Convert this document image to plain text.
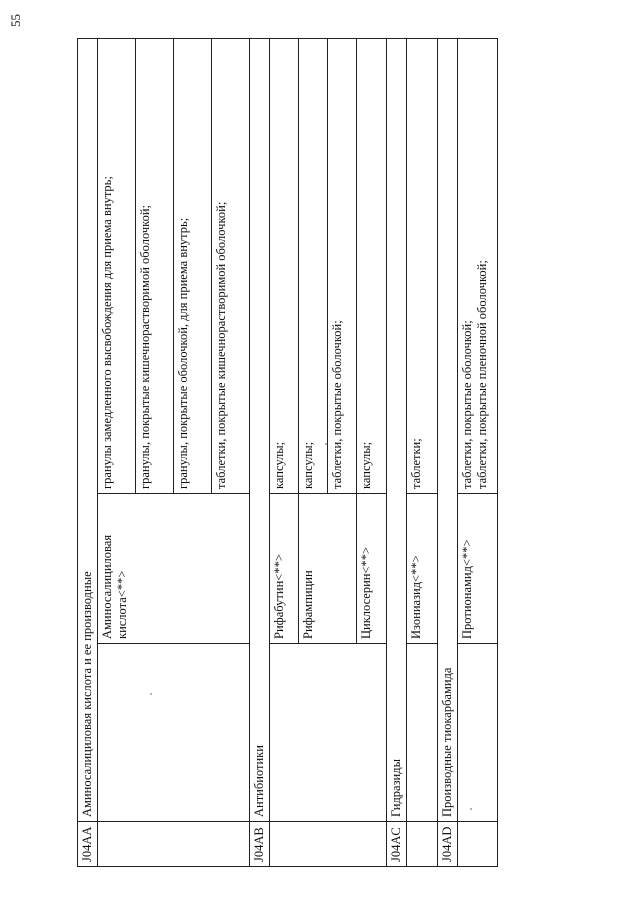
55
J04AA	Аминосалициловая кислота и ее производные		
		Аминосалициловая кислота<**>	гранулы замедленного высвобождения для приема внутрь;
			гранулы, покрытые кишечнорастворимой оболочкой;
			гранулы, покрытые оболочкой, для приема внутрь;
			таблетки, покрытые кишечнорастворимой оболочкой;
J04AB	Антибиотики		
		Рифабутин<**>	капсулы;
		Рифампицин	капсулы;
			таблетки, покрытые оболочкой;
		Циклосерин<**>	капсулы;
J04AC	Гидразиды		
		Изониазид<**>	таблетки;
J04AD	Производные тиокарбамида		
		Протионамид<**>	таблетки, покрытые оболочкой;
таблетки, покрытые пленочной оболочкой;
